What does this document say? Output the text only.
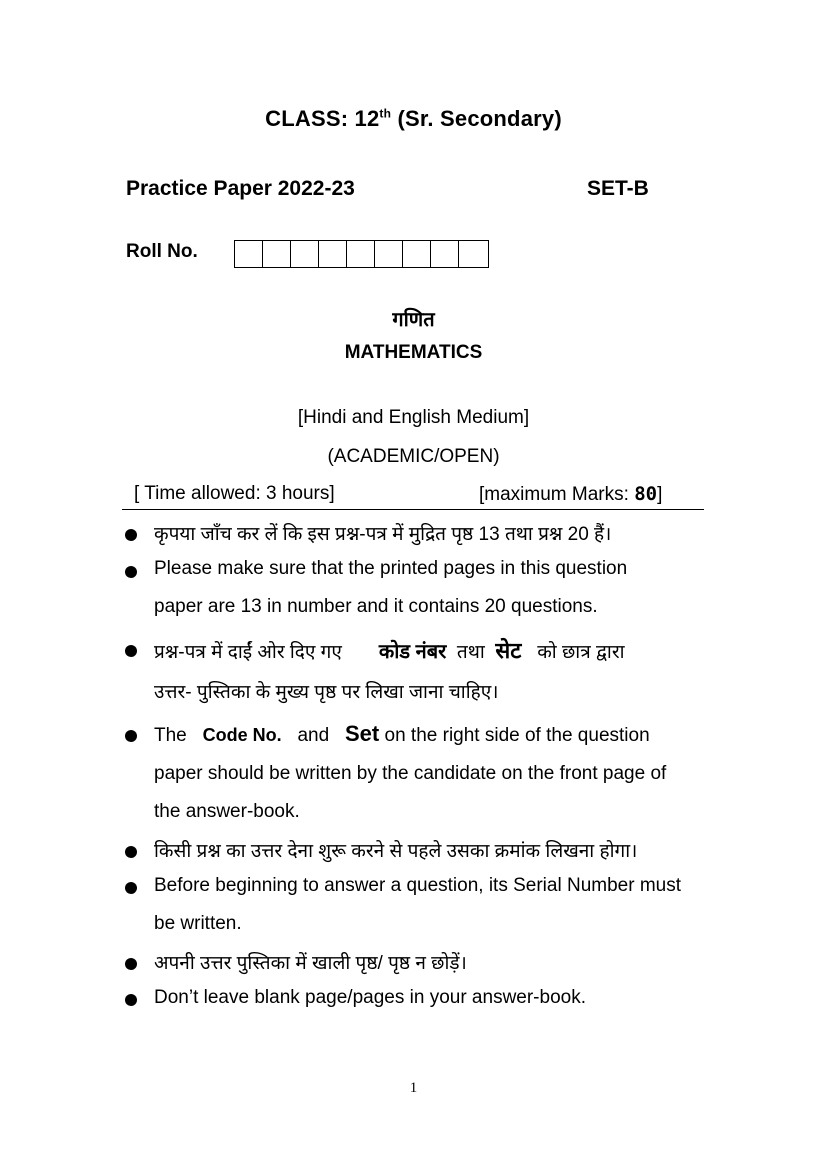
CLASS: 12th (Sr. Secondary)
Practice Paper 2022-23	SET-B
Roll No.
गणित
MATHEMATICS
[Hindi and English Medium]
(ACADEMIC/OPEN)
[ Time allowed: 3 hours]	[maximum Marks: 80]
कृपया जाँच कर लें कि इस प्रश्न-पत्र में मुद्रित पृष्ठ 13 तथा प्रश्न 20 हैं।
Please make sure that the printed pages in this question
paper are 13 in number and it contains 20 questions.
प्रश्न-पत्र में दाईं ओर दिए गए कोड नंबर तथा सेट को छात्र द्वारा
उत्तर- पुस्तिका के मुख्य पृष्ठ पर लिखा जाना चाहिए।
The Code No. and Set on the right side of the question
paper should be written by the candidate on the front page of
the answer-book.
किसी प्रश्न का उत्तर देना शुरू करने से पहले उसका क्रमांक लिखना होगा।
Before beginning to answer a question, its Serial Number must
be written.
अपनी उत्तर पुस्तिका में खाली पृष्ठ/ पृष्ठ न छोड़ें।
Don’t leave blank page/pages in your answer-book.
1
